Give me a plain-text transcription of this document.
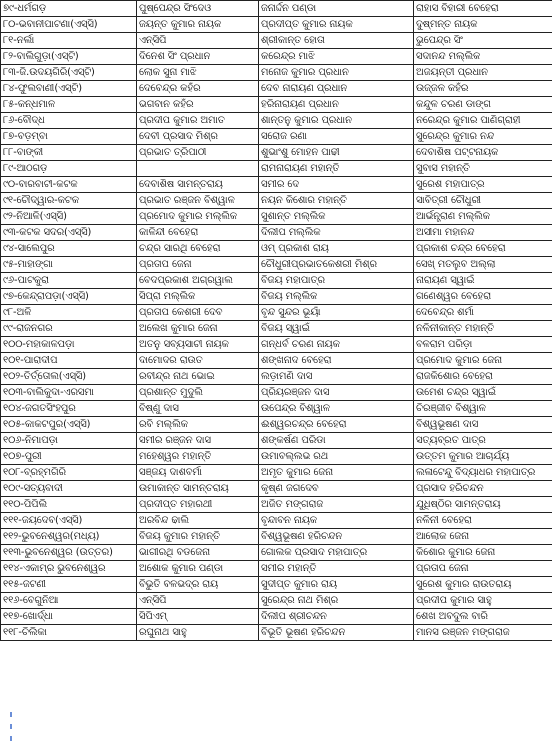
୭୯-ଧର୍ମଗଡ଼	ପୁଷ୍ପେନ୍ଦ୍ର ସିଂଦେଓ	ଜନାର୍ଦ୍ଦନ ପଣ୍ଡା	ରାହାସ ବିହାରୀ ବେହେରା
୮୦-ଭବାନୀପାଟଣା(ଏସ୍‌ସି)	ଜୟନ୍ତ କୁମାର ନାୟକ	ପ୍ରଦୀପ୍ତ କୁମାର ନାୟକ	ଦୁଷ୍ମନ୍ତ ନାୟକ
୮୧-ନର୍ଲା	ଏନ୍‌ସିପି	ଶ୍ରୀକାନ୍ତ ହୋତା	ଭୁପେନ୍ଦ୍ର ସିଂ
୮୨-ବାଲିଗୁଡ଼ା(ଏସ୍‌ଟି)	ଦିନେଶ ସିଂ ପ୍ରଧାନ	କରେନ୍ଦ୍ର ମାଝି	ସଦାନନ୍ଦ ମଲ୍ଲିକ
୮୩-ଜି.ଉଦୟଗିରି(ଏସ୍‌ଟି)	ଲୋକ ସୁନା ମାଝି	ମନୋଜ କୁମାର ପ୍ରଧାନ	ଅଜୟନ୍ତୀ ପ୍ରଧାନ
୮୪-ଫୁଲବାଣୀ(ଏସ୍‌ଟି)	ଦେବେନ୍ଦ୍ର କହଁର	ଦେବ ନାରାୟଣ ପ୍ରଧାନ	ଉଜ୍ଜଳ କହଁର
୮୫-କନ୍ଧମାଳ	ଭଗବାନ କହଁର	ହରିନାରାୟଣ ପ୍ରଧାନ	କନ୍ଦୁଳ ଚରଣ ଡାଙ୍ଗ
୮୬-ବୌଦ୍ଧ	ପ୍ରଦୀପ କୁମାର ଅମାତ	ଶାନ୍ତନୁ କୁମାର ପ୍ରଧାନ	ନରେନ୍ଦ୍ର କୁମାର ପାଣିଗ୍ରାହୀ
୮୭-ବଡ଼ମ୍ବା	ଦେବୀ ପ୍ରସାଦ ମିଶ୍ର	ସରୋଜ ରଣା	ସୁରେନ୍ଦ୍ର କୁମାର ନନ୍ଦ
୮୮-ବାଙ୍କୀ	ପ୍ରଭାତ ତ୍ରିପାଠୀ	ଶୁଭାଂଶୁ ମୋହନ ପାଢୀ	ଦେବାଶିଷ ପଟ୍ଟନାୟକ
୮୯-ଆଠଗଡ଼		ରାମନାରାୟଣ ମହାନ୍ତି	ସୁବାସ ମହାନ୍ତି
୯୦-ବାରବାଟୀ-କଟକ	ଦେବାଶିଷ ସାମନ୍ତରାୟ	ସମୀର ଦେ	ସୁରେଶ ମହାପାତ୍ର
୯୧-ଚୌଦ୍ୱାର-କଟକ	ପ୍ରଭାତ ରଞ୍ଜନ ବିଶ୍ୱାଳ	ନୟନ କିଶୋର ମହାନ୍ତି	ସାବିତ୍ରୀ ଚୌଧୁରୀ
୯୨-ନିଆଳି(ଏସ୍‌ସି)	ପ୍ରମୋଦ କୁମାର ମଲ୍ଲିକ	ସୁଶାନ୍ତ ମଲ୍ଲିକ	ଆର୍ଭନ୍ତ୍ରାଣ ମଲ୍ଲିକ
୯୩-କଟକ ସଦର(ଏସ୍‌ସି)	କାଳିନ୍ଦୀ ବେହେରା	ଦିଲୀପ ମଲ୍ଲିକ	ଅସୀମା ମହାନନ୍ଦ
୯୪-ସାଲେପୁର	ଚନ୍ଦ୍ର ସାରଥି ବେହେରା	ଓମ୍ ପ୍ରକାଶ ରାୟ	ପ୍ରକାଶ ଚନ୍ଦ୍ର ବେହେରା
୯୫-ମାହାଙ୍ଗା	ପ୍ରତାପ ଜେନା	ଚୌଧୁରୀପ୍ରଭାତକେଶରୀ ମିଶ୍ର	ସେଖ୍ ମତଲୁବ ଅଲ୍ଲା
୯୬-ପାଟକୁରା	ବେଦପ୍ରକାଶ ଅଗ୍ରୱାଲ	ବିଜୟ ମହାପାତ୍ର	ନାରାୟଣ ସ୍ୱାଇଁ
୯୭-କେନ୍ଦ୍ରାପଡ଼ା(ଏସ୍‌ସି)	ସିପ୍ରା ମଲ୍ଲିକ	ବିଜୟ ମଲ୍ଲିକ	ଗଣେଶ୍ୱର ବେହେରା
୯୮-ଅଳି	ପ୍ରତାପ କେଶରୀ ଦେବ	ବୃନ୍ଦ ସୁନ୍ଦର ଭୂୟାଁ	ଦେବେନ୍ଦ୍ର ଶର୍ମା
୯୯-ରାଜନଗର	ଅଲେଖ କୁମାର ଜେନା	ବିଜୟ ସ୍ୱାଇଁ	ନଳିନୀକାନ୍ତ ମହାନ୍ତି
୧୦୦-ମହାକାଳପଡ଼ା	ଅତନୁ ସବ୍ୟସାଚୀ ନାୟକ	ଗନ୍ଧର୍ବ ଚରଣ ନାୟକ	ବଳରାମ ପରିଡ଼ା
୧୦୧-ପାରାଦୀପ	ଦାମୋଦର ରାଉତ	ଶଙ୍ଖନାଦ ବେହେରା	ପ୍ରମୋଦ କୁମାର ଜେନା
୧୦୨-ତିର୍ତ୍ତୋଲ(ଏସ୍‌ସି)	ରବୀନ୍ଦ୍ର ନାଥ ଭୋଇ	ଲଡ଼ାମଣି ଦାସ	ରାଜକିଶୋର ବେହେରା
୧୦୩-ବାଲିକୁଦା-ଏରସମା	ପ୍ରଶାନ୍ତ ମୁଦୁଲି	ପ୍ରିୟରଞ୍ଜନ ଦାସ	ଉମେଶ ଚନ୍ଦ୍ର ସ୍ୱାଇଁ
୧୦୪-ଜଗତସିଂହପୁର	ବିଷ୍ଣୁ ଦାସ	ଉପେନ୍ଦ୍ର ବିଶ୍ୱାଳ	ଚିରଞ୍ଜୀବ ବିଶ୍ୱାଳ
୧୦୫-କାକଟପୁର(ଏସ୍‌ସି)	ରବି ମଲ୍ଲିକ	ଈଶ୍ୱରଚନ୍ଦ୍ର ବେହେରା	ବିଶ୍ୱଭୂଷଣ ଦାସ
୧୦୬-ନିମାପଡ଼ା	ସମୀର ରଞ୍ଜନ ଦାସ	ଶଙ୍କର୍ଷଣ ପରିଡା	ସତ୍ୟବ୍ରତ ପାତ୍ର
୧୦୭-ପୁରୀ	ମହେଶ୍ୱର ମହାନ୍ତି	ଉମାବଲ୍ଲଭ ରଥ	ଉତ୍ତମ କୁମାର ଆଚାର୍ଯ୍ୟ
୧୦୮-ବ୍ରହ୍ମଗିରି	ସଞ୍ଜୟ ଦାଶବର୍ମା	ଅମୃତ କୁମାର ଜେନା	ଲଳାଟେନ୍ଦୁ ବିଦ୍ୟାଧର ମହାପାତ୍ର
୧୦୯-ସତ୍ୟବାଦୀ	ଉମାକାନ୍ତ ସାମନ୍ତରାୟ	କୃଷ୍ଣ ଜଗଦେବ	ପ୍ରସାଦ ହରିଚନ୍ଦନ
୧୧୦-ପିପିଲି	ପ୍ରଦୀପ୍ତ ମହାରଥୀ	ଅଜିତ ମଙ୍ଗରାଜ	ଯୁଧିଷ୍ଠିର ସାମନ୍ତରାୟ
୧୧୧-ଜୟଦେବ(ଏସ୍‌ସି)	ଅରବିନ୍ଦ ଢାଲି	ବୃନ୍ଦାବନ ନାୟକ	ନଳିନୀ ବେହେରା
୧୧୨-ଭୁବନେଶ୍ୱର(ମଧ୍ୟ)	ବିଜୟ କୁମାର ମହାନ୍ତି	ବିଶ୍ୱଭୂଷଣ ହରିଚନ୍ଦନ	ଆଲୋକ ଜେନା
୧୧୩-ଭୁବନେଶ୍ୱର (ଉତ୍ତର)	ଭାଗୀରଥି ବଡଜେନା	ଗୋଲକ ପ୍ରସାଦ ମହାପାତ୍ର	କିଶୋର କୁମାର ଜେନା
୧୧୪-ଏକାମ୍ର ଭୁବନେଶ୍ୱର	ଅଶୋକ କୁମାର ପଣ୍ଡା	ସମୀର ମହାନ୍ତି	ପ୍ରତାପ ଜେନା
୧୧୫-ଜଟଣୀ	ବିଭୁତି ବଳଭଦ୍ର ରାୟ	ସୁଦୀପ୍ତ କୁମାର ରାୟ	ସୁରେଶ କୁମାର ରାଉତରାୟ
୧୧୬-ବେଗୁନିଆ	ଏନ୍‌ସିପି	ସୁରେନ୍ଦ୍ର ନାଥ ମିଶ୍ର	ପ୍ରଦୀପ କୁମାର ସାହୁ
୧୧୭-ଖୋର୍ଦ୍ଧା	ସିପିଏମ୍‌	ଦିଲୀପ ଶ୍ରୀଚନ୍ଦନ	ଶେଖ ଅବଦୁଲ ବାରି
୧୧୮-ଚିଲିକା	ରଘୁନାଥ ସାହୁ	ବିଭୂତି ଭୂଷଣ ହରିଚନ୍ଦନ	ମାନସ ରଞ୍ଜନ ମଙ୍ଗରାଜ
